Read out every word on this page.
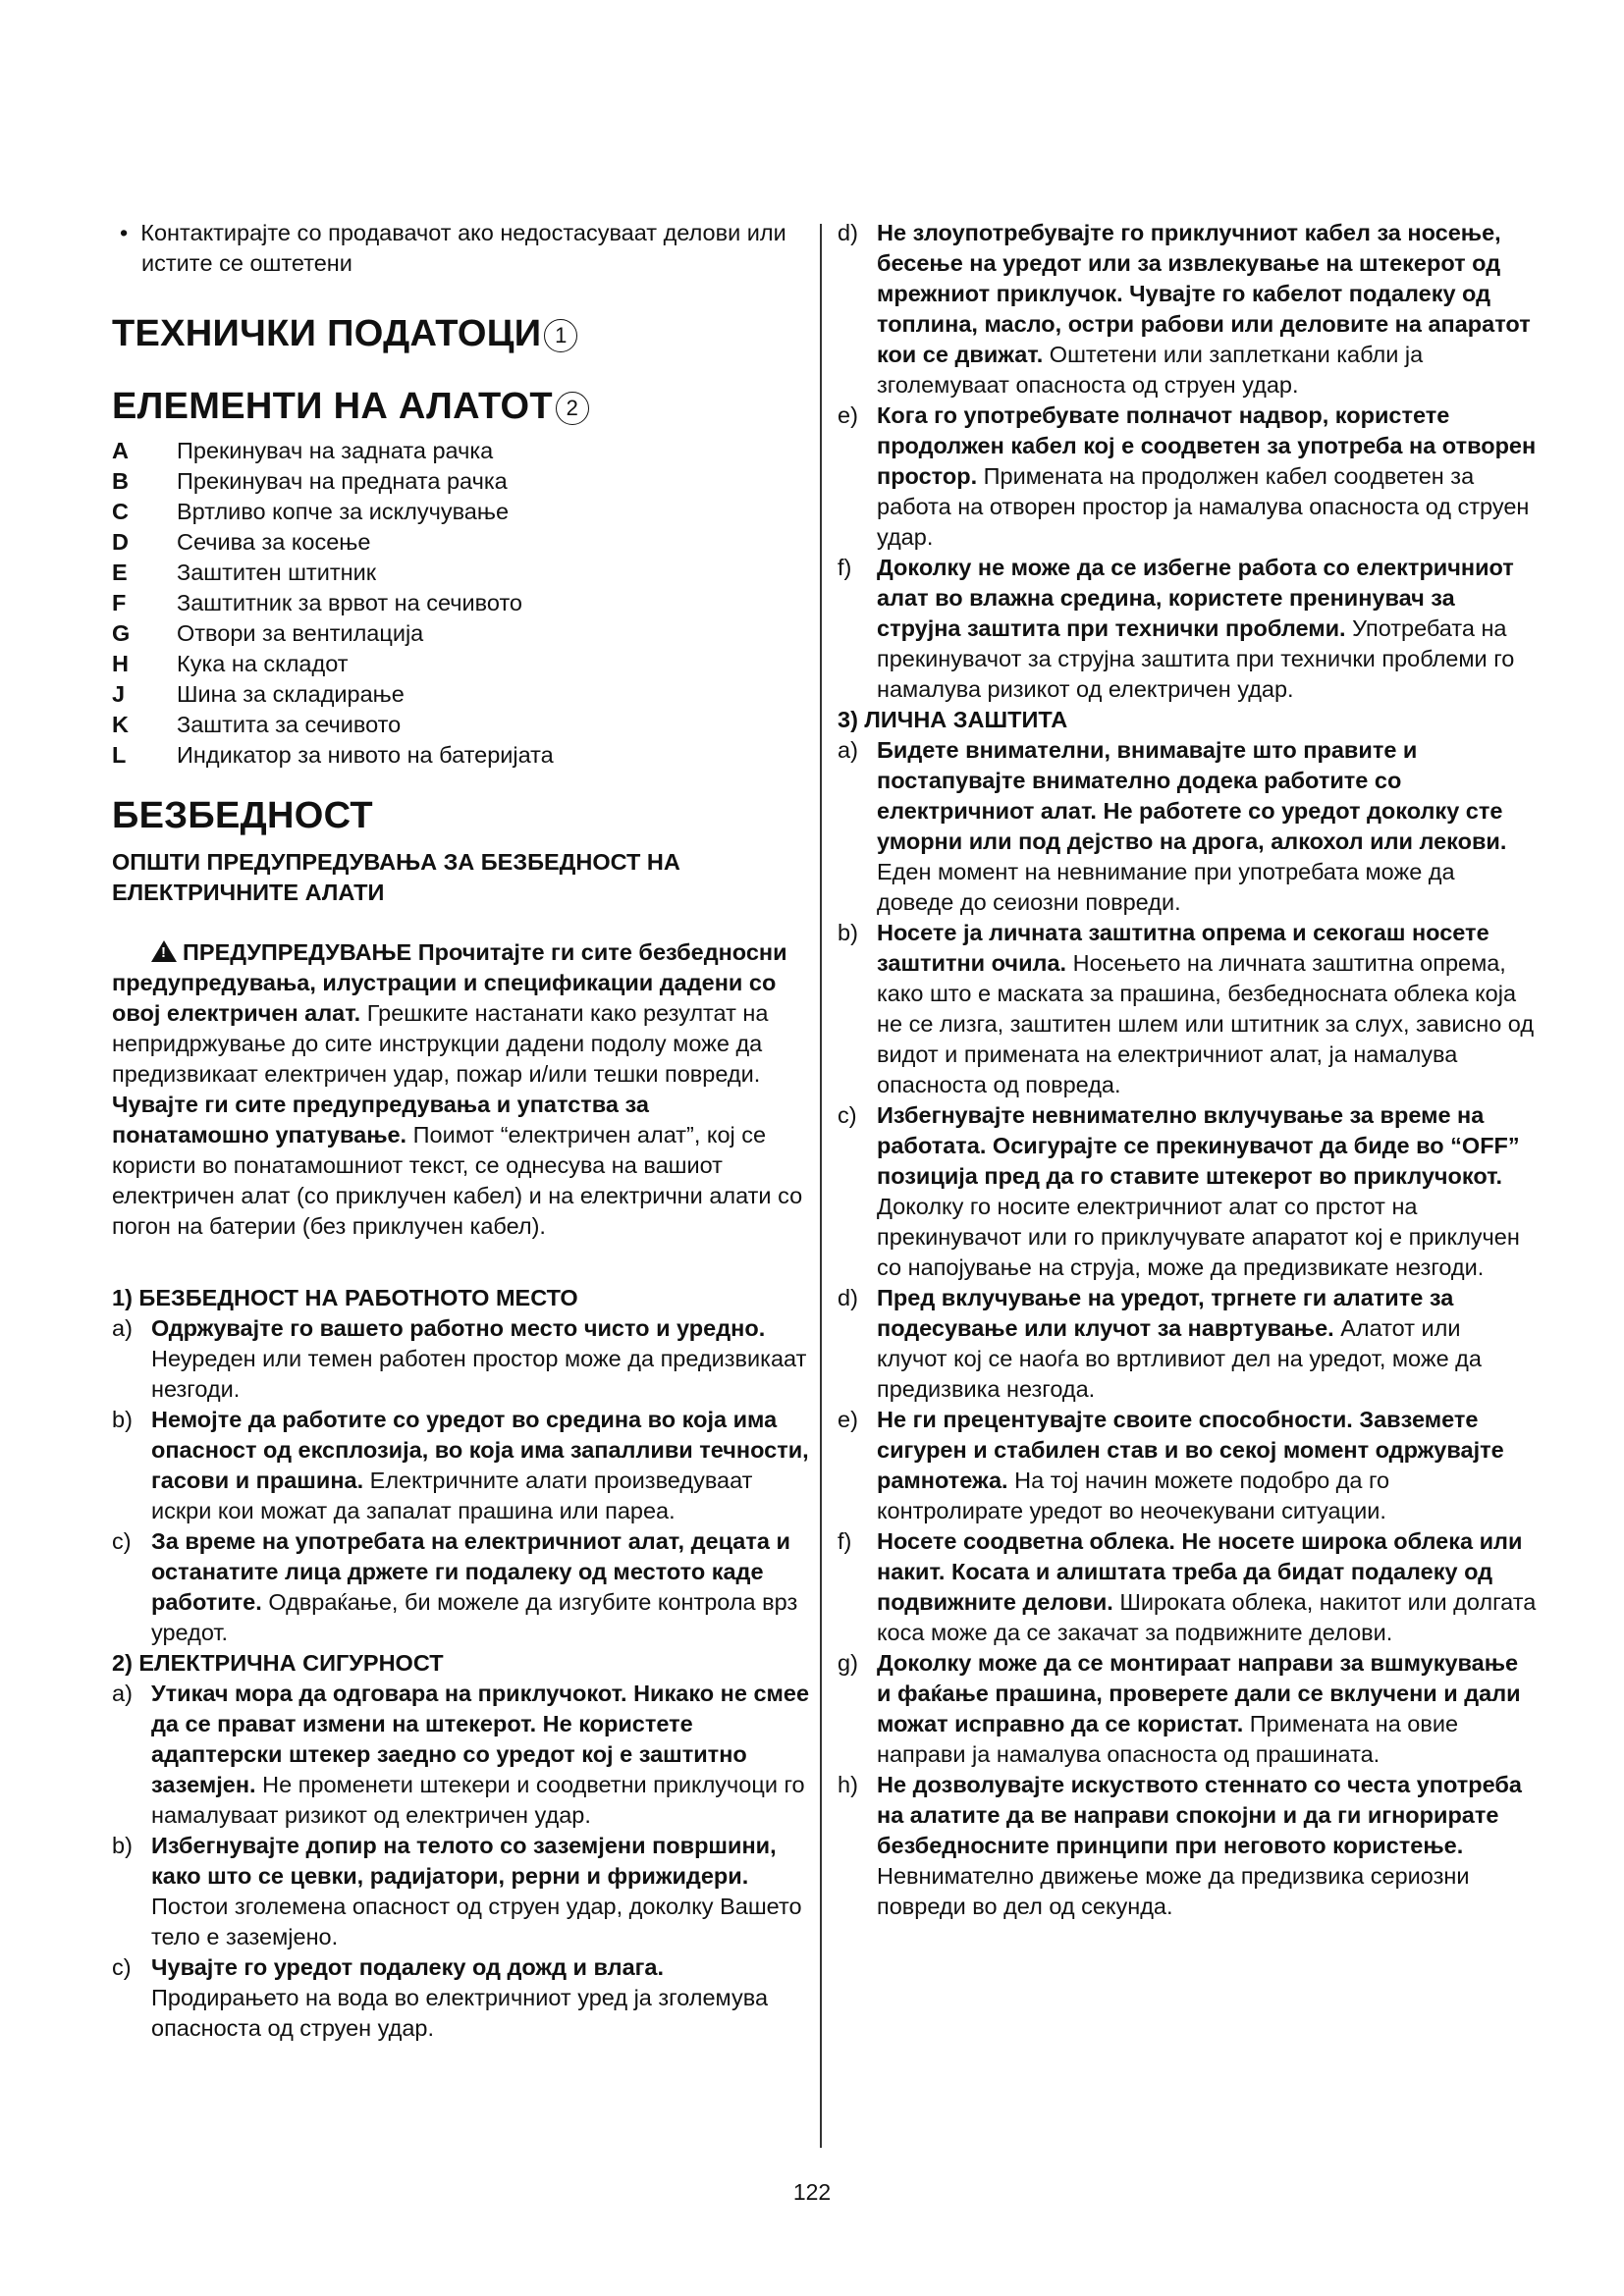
•  Контактирајте со продавачот ако недостасуваат делови или иститe се оштетени

ТЕХНИЧКИ ПОДАТОЦИ 1
ЕЛЕМЕНТИ НА АЛАТОТ 2
A	Прекинувач на задната рачка
B	Прекинувач на предната рачка
C	Вртливо копче за исклучување
D	Сечива за косење
E	Заштитен штитник
F	Заштитник за врвот на сечивото
G	Отвори за вентилација
H	Кука на складот
J	Шина за складирање
K	Заштита за сечивото
L	Индикатор за нивото на батеријата
БЕЗБЕДНОСТ
ОПШТИ ПРЕДУПРЕДУВАЊА ЗА БЕЗБЕДНОСТ НА ЕЛЕКТРИЧНИТЕ АЛАТИ

!ПРЕДУПРЕДУВАЊЕ Прочитајте ги сите безбедносни предупредувања, илустрации и спецификации дадени со овој електричен алат. Грешките настанати како резултат на непридржување до сите инструкции дадени подолу може да предизвикаат електричен удар, пожар и/или тешки повреди. Чувајте ги сите предупредувања и упатства за понатамошно упатување. Поимот “електричен алат”, кој се користи во понатамошниот текст, се однесува на вашиот електричен алат (со приклучен кабел) и на електрични алати со погон на батерии (без приклучен кабел).

1) БЕЗБЕДНОСТ НА РАБОТНОТО МЕСТО
a) Одржувајте го вашето работно место чисто и уредно. Неуреден или темен работен простор може да предизвикаат незгоди.
b) Немојте да работите со уредот во средина во која има опасност од експлозија, во која има запалливи течности, гасови и прашина. Електричните алати произведуваат искри кои можат да запалат прашина или пареа.
c) За време на употребата на електричниот алат, децата и останатите лица држете ги подалеку од местото каде работите. Одвраќање, би можеле да изгубите контрола врз уредот.
2) ЕЛЕКТРИЧНА СИГУРНОСТ
a) Утикач мора да одговара на приклучокот. Никако не смее да се прават измени на штекерот. Не користете адаптерски штекер заедно со уредот кој е заштитно заземјен. Не променети штекери и соодветни приклучоци го намалуваат ризикот од електричен удар.
b) Избегнувајте допир на телото со заземјени површини, како што се цевки, радијатори, рерни и фрижидери. Постои зголемена опасност од струен удар, доколку Вашето тело е заземјено.
c) Чувајте го уредот подалеку од дожд и влага. Продирањето на вода во електричниот уред ја зголемува опасноста од струен удар.
d) Не злоупотребувајте го приклучниот кабел за носење, бесење на уредот или за извлекување на штекерот од мрежниот приклучок. Чувајте го кабелот подалеку од топлина, масло, остри рабови или деловите на апаратот кои се движат. Оштетени или заплеткани кабли ја зголемуваат опасноста од струен удар.
e) Кога го употребувате полначот надвор, користете продолжен кабел кој е соодветен за употреба на отворен простор. Примената на продолжен кабел соодветен за работа на отворен простор ја намалува опасноста од струен удар.
f) Доколку не може да се избегне работа со електричниот алат во влажна средина, користете пренинувач за струјна заштита при технички проблеми. Употребата на прекинувачот за струјна заштита при технички проблеми го намалува ризикот од електричен удар.
3) ЛИЧНА ЗАШТИТА
a) Бидете внимателни, внимавајте што правите и постапувајте внимателно додека работите со електричниот алат. Не работете со уредот доколку сте уморни или под дејство на дрога, алкохол или лекови. Еден момент на невнимание при употребата може да доведе до сеиозни повреди.
b) Носете ја личната заштитна опрема и секогаш носете заштитни очила. Носењето на личната заштитна опрема, како што е маската за прашина, безбедносната облека која не се лизга, заштитен шлем или штитник за слух, зависно од видот и примената на електричниот алат, ја намалува опасноста од повреда.
c) Избегнувајте невнимателно вклучување за време на работата. Осигурајте се прекинувачот да биде во “OFF” позиција пред да го ставите штекерот во приклучокот. Доколку го носите електричниот алат со прстот на прекинувачот или го приклучувате апаратот кој е приклучен со напојување на струја, може да предизвикате незгоди.
d) Пред вклучување на уредот, тргнете ги алатите за подесување или клучот за навртување. Алатот или клучот кој се наоѓа во вртливиот дел на уредот, може да предизвика незгода.
e) Не ги прецентувајте своите способности. Завземете сигурен и стабилен став и во секој момент одржувајте рамнотежа. На тој начин можете подобро да го контролирате уредот во неочекувани ситуации.
f) Носете соодветна облека. Не носете широка облека или накит. Косата и алиштата треба да бидат подалеку од подвижните делови. Широката облека, накитот или долгата коса може да се закачат за подвижните делови.
g) Доколку може да се монтираат направи за вшмукување и фаќање прашина, проверете дали се вклучени и дали можат исправно да се користат. Примената на овие направи ја намалува опасноста од прашината.
h) Не дозволувајте искуството стеннато со честа употреба на алатите да ве направи спокојни и да ги игнорирате безбедносните принципи при неговото користење. Невнимателно движење може да предизвика сериозни повреди во дел од секунда.
122
